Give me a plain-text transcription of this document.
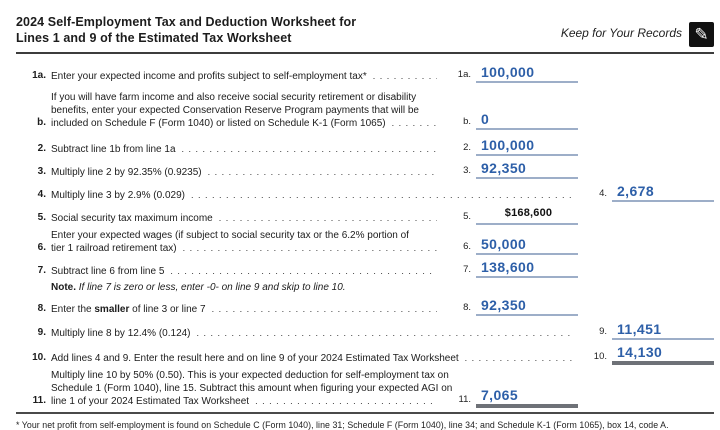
2024 Self-Employment Tax and Deduction Worksheet for
Lines 1 and 9 of the Estimated Tax Worksheet	Keep for Your Records ✎
1a. Enter your expected income and profits subject to self-employment tax* . . .	1a. 100,000
b.
If you will have farm income and also receive social security retirement or disability
benefits, enter your expected Conservation Reserve Program payments that will be
included on Schedule F (Form 1040) or listed on Schedule K-1 (Form 1065) . . .	b. 0
2. Subtract line 1b from line 1a . . .	2. 100,000
3. Multiply line 2 by 92.35% (0.9235) . . .	3. 92,350
4. Multiply line 3 by 2.9% (0.029) . . .	4. 2,678
5. Social security tax maximum income . . .	5.	$168,600
6.
Enter your expected wages (if subject to social security tax or the 6.2% portion of
tier 1 railroad retirement tax) . . .	6. 50,000
7. Subtract line 6 from line 5 . . .	7. 138,600
Note. If line 7 is zero or less, enter -0- on line 9 and skip to line 10.
8. Enter the smaller of line 3 or line 7 . . .	8. 92,350
9. Multiply line 8 by 12.4% (0.124) . . .	9. 11,451
10. Add lines 4 and 9. Enter the result here and on line 9 of your 2024 Estimated Tax Worksheet . . .	10. 14,130
11.
Multiply line 10 by 50% (0.50). This is your expected deduction for self-employment tax on
Schedule 1 (Form 1040), line 15. Subtract this amount when figuring your expected AGI on
line 1 of your 2024 Estimated Tax Worksheet . . .	11. 7,065
* Your net profit from self-employment is found on Schedule C (Form 1040), line 31; Schedule F (Form 1040), line 34; and Schedule K-1 (Form 1065), box 14, code A.
